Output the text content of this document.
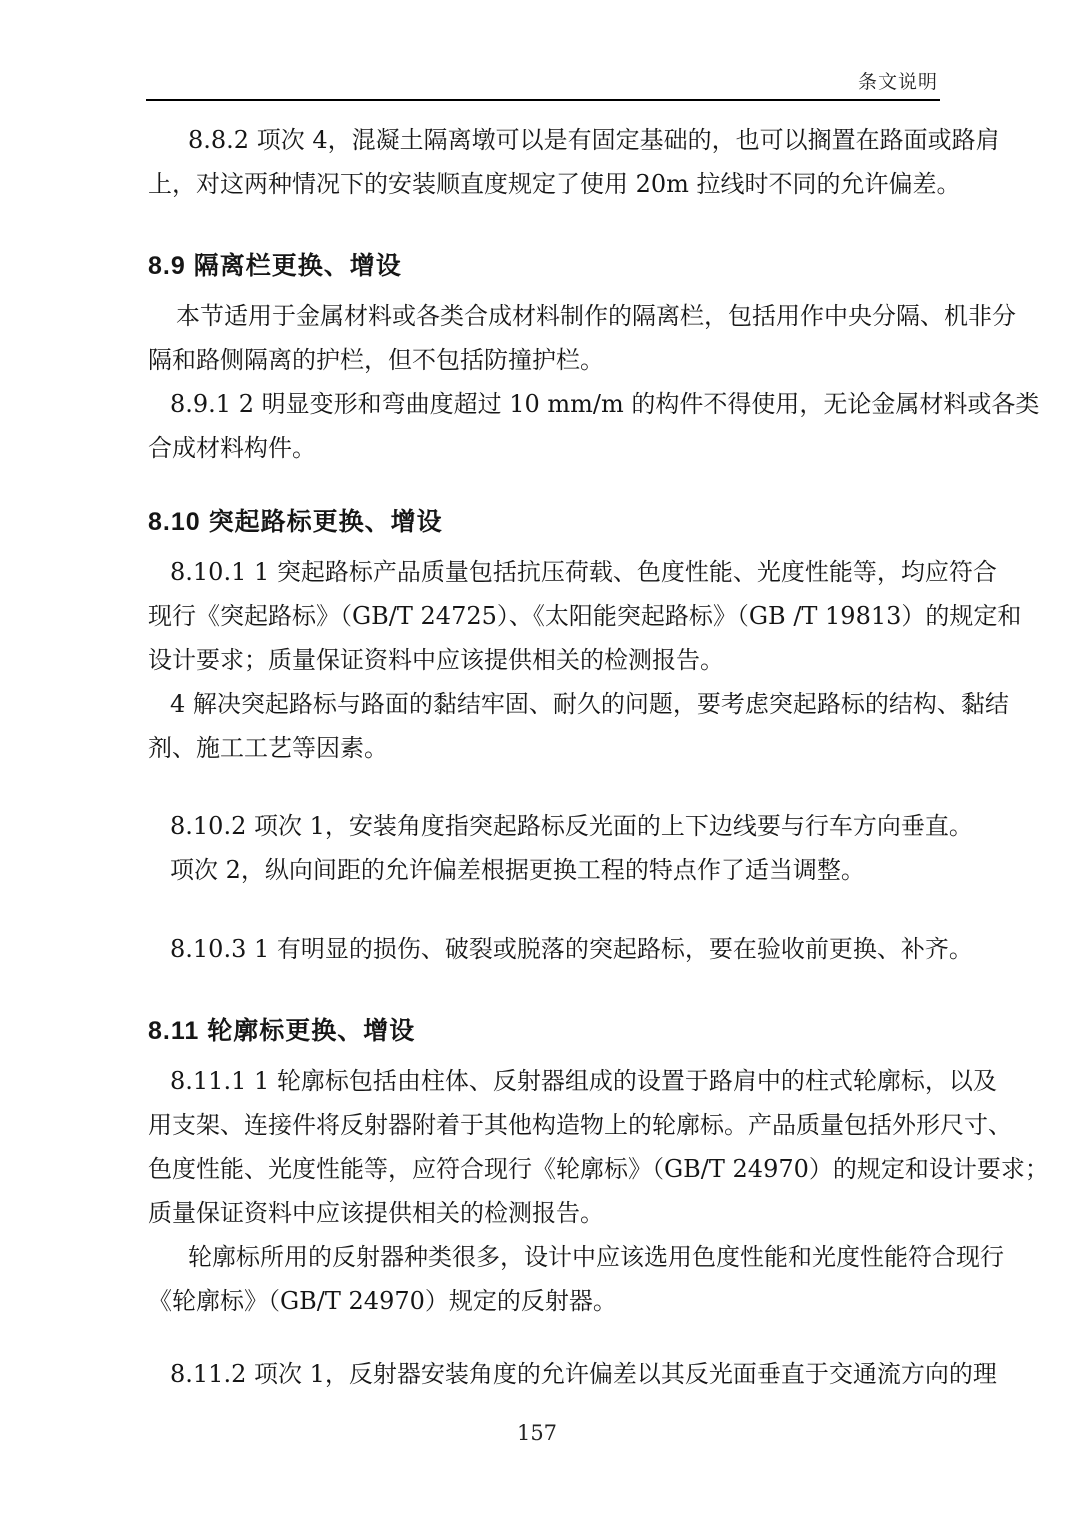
条文说明

8.8.2 项次 4，混凝土隔离墩可以是有固定基础的，也可以搁置在路面或路肩

上，对这两种情况下的安装顺直度规定了使用 20m 拉线时不同的允许偏差。

8.9 隔离栏更换、增设

本节适用于金属材料或各类合成材料制作的隔离栏，包括用作中央分隔、机非分

隔和路侧隔离的护栏，但不包括防撞护栏。

8.9.1 2 明显变形和弯曲度超过 10 mm/m 的构件不得使用，无论金属材料或各类

合成材料构件。

8.10 突起路标更换、增设

8.10.1 1 突起路标产品质量包括抗压荷载、色度性能、光度性能等，均应符合

现行《突起路标》（GB/T 24725）、《太阳能突起路标》（GB /T 19813）的规定和

设计要求；质量保证资料中应该提供相关的检测报告。

4 解决突起路标与路面的黏结牢固、耐久的问题，要考虑突起路标的结构、黏结

剂、施工工艺等因素。

8.10.2 项次 1，安装角度指突起路标反光面的上下边线要与行车方向垂直。

项次 2，纵向间距的允许偏差根据更换工程的特点作了适当调整。

8.10.3 1 有明显的损伤、破裂或脱落的突起路标，要在验收前更换、补齐。

8.11 轮廓标更换、增设

8.11.1 1 轮廓标包括由柱体、反射器组成的设置于路肩中的柱式轮廓标，以及

用支架、连接件将反射器附着于其他构造物上的轮廓标。产品质量包括外形尺寸、

色度性能、光度性能等，应符合现行《轮廓标》（GB/T 24970）的规定和设计要求；

质量保证资料中应该提供相关的检测报告。

轮廓标所用的反射器种类很多，设计中应该选用色度性能和光度性能符合现行

《轮廓标》（GB/T 24970）规定的反射器。

8.11.2 项次 1，反射器安装角度的允许偏差以其反光面垂直于交通流方向的理

157
